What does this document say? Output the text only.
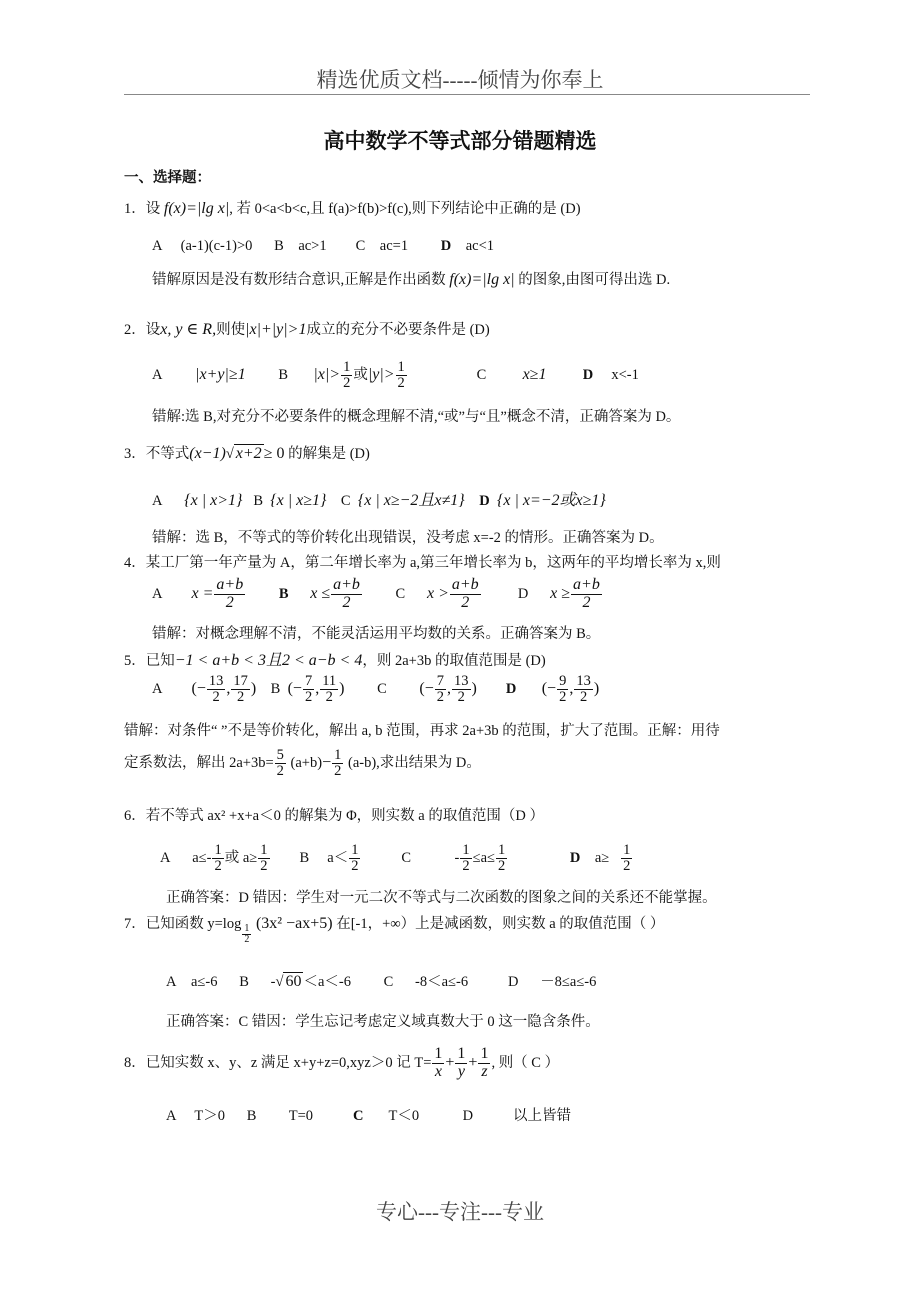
精选优质文档-----倾情为你奉上
高中数学不等式部分错题精选
一、选择题：
1．设 f(x)=|lg x|, 若 0<a<b<c,且 f(a)>f(b)>f(c),则下列结论中正确的是 (D)
A (a-1)(c-1)>0 B ac>1 C ac=1 D ac<1
错解原因是没有数形结合意识,正解是作出函数 f(x)=|lg x| 的图象,由图可得出选 D.
2．设x, y ∈ R,则使|x|+|y|>1成立的充分不必要条件是 (D)
A |x+y|≥1 B $|x|> \frac{1}{2}$ 或$|y|> \frac{1}{2}$	C x≥1	D x<-1
错解:选 B,对充分不必要条件的概念理解不清,“或”与“且”概念不清，正确答案为 D。
3．不等式(x−1)√ x+2 ≥ 0 的解集是 (D)
A {x | x>1} B {x | x≥1} C {x | x≥−2且x≠1} D {x | x=−2或x≥1}
错解：选 B，不等式的等价转化出现错误，没考虑 x=-2 的情形。正确答案为 D。
4．某工厂第一年产量为 A，第二年增长率为 a,第三年增长率为 b，这两年的平均增长率为 x,则
A $x = \frac{a+b}{2}$ B $x \le \frac{a+b}{2}$ C $x > \frac{a+b}{2}$	D $x \ge \frac{a+b}{2}$
错解：对概念理解不清，不能灵活运用平均数的关系。正确答案为 B。
5．已知−1 < a+b < 3且2 < a−b < 4，则 2a+3b 的取值范围是 (D)
A (− $\frac{13}{2}$ , $\frac{17}{2}$ ) B (− $\frac{7}{2}$ , $\frac{11}{2}$ ) C (− $\frac{7}{2}$ , $\frac{13}{2}$ ) D (− $\frac{9}{2}$ , $\frac{13}{2}$ )
错解：对条件“ ”不是等价转化，解出 a, b 范围，再求 2a+3b 的范围，扩大了范围。正解：用待
定系数法，解出 $2a+3b= \frac{5}{2} (a+b)- \frac{1}{2} (a-b)$,求出结果为 D。
6．若不等式 ax² +x+a＜0 的解集为 Φ，则实数 a 的取值范围（D ）
A $a\le- \frac{1}{2}$ 或 $a\ge \frac{1}{2}$ B $a< \frac{1}{2}$	C	- $\frac{1}{2} \le a\le \frac{1}{2}$	D $a\ge \frac{1}{2}$
正确答案：D 错因：学生对一元二次不等式与二次函数的图象之间的关系还不能掌握。
7．已知函数 $y=\log \frac{1}{2} (3x^2 -ax+5)$ 在[-1，+∞）上是减函数，则实数 a 的取值范围（ ）
A a≤-6 B -√ 60 ＜a＜-6 C -8＜a≤-6	D －8≤a≤-6
正确答案：C 错因：学生忘记考虑定义域真数大于 0 这一隐含条件。
8．已知实数 x、y、z 满足 x+y+z=0,xyz＞0 记 $T= \frac{1}{x} + \frac{1}{y} + \frac{1}{z}$ , 则（ C ）
A T＞0 B T=0	C T＜0	D	以上皆错
专心---专注---专业
